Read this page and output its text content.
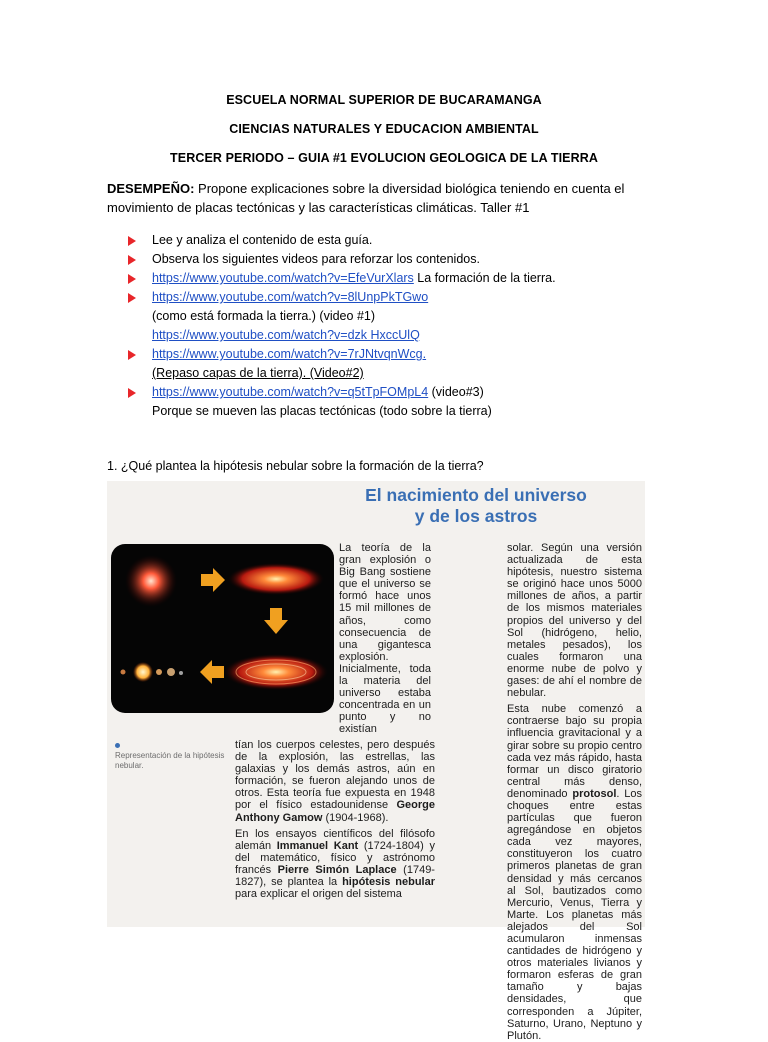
ESCUELA NORMAL SUPERIOR DE BUCARAMANGA
CIENCIAS NATURALES Y EDUCACION AMBIENTAL
TERCER PERIODO – GUIA #1 EVOLUCION GEOLOGICA DE LA TIERRA
DESEMPEÑO: Propone explicaciones sobre la diversidad biológica teniendo en cuenta el movimiento de placas tectónicas y las características climáticas. Taller #1
Lee y analiza el contenido de esta guía.
Observa los siguientes videos para reforzar los contenidos.
https://www.youtube.com/watch?v=EfeVurXlars La formación de la tierra.
https://www.youtube.com/watch?v=8lUnpPkTGwo
(como está formada la tierra.) (video #1)
https://www.youtube.com/watch?v=dzk HxccUlQ
https://www.youtube.com/watch?v=7rJNtvqnWcg.
(Repaso capas de la tierra). (Video#2)
https://www.youtube.com/watch?v=q5tTpFOMpL4 (video#3)
Porque se mueven las placas tectónicas (todo sobre la tierra)
1. ¿Qué plantea la hipótesis nebular sobre la formación de la tierra?
El nacimiento del universo
y de los astros
Representación de la hipótesis nebular.

La teoría de la gran explosión o Big Bang sostiene que el universo se formó hace unos 15 mil millones de años, como consecuencia de una gigantesca explosión. Inicialmente, toda la materia del universo estaba concentrada en un punto y no existían

tían los cuerpos celestes, pero después de la explosión, las estrellas, las galaxias y los demás astros, aún en formación, se fueron alejando unos de otros. Esta teoría fue expuesta en 1948 por el físico estadounidense George Anthony Gamow (1904-1968).

En los ensayos científicos del filósofo alemán Immanuel Kant (1724-1804) y del matemático, físico y astrónomo francés Pierre Simón Laplace (1749-1827), se plantea la hipótesis nebular para explicar el origen del sistema

solar. Según una versión actualizada de esta hipótesis, nuestro sistema se originó hace unos 5000 millones de años, a partir de los mismos materiales propios del universo y del Sol (hidrógeno, helio, metales pesados), los cuales formaron una enorme nube de polvo y gases: de ahí el nombre de nebular.

Esta nube comenzó a contraerse bajo su propia influencia gravitacional y a girar sobre su propio centro cada vez más rápido, hasta formar un disco giratorio central más denso, denominado protosol. Los choques entre estas partículas que fueron agregándose en objetos cada vez mayores, constituyeron los cuatro primeros planetas de gran densidad y más cercanos al Sol, bautizados como Mercurio, Venus, Tierra y Marte. Los planetas más alejados del Sol acumularon inmensas cantidades de hidrógeno y otros materiales livianos y formaron esferas de gran tamaño y bajas densidades, que corresponden a Júpiter, Saturno, Urano, Neptuno y Plutón.
